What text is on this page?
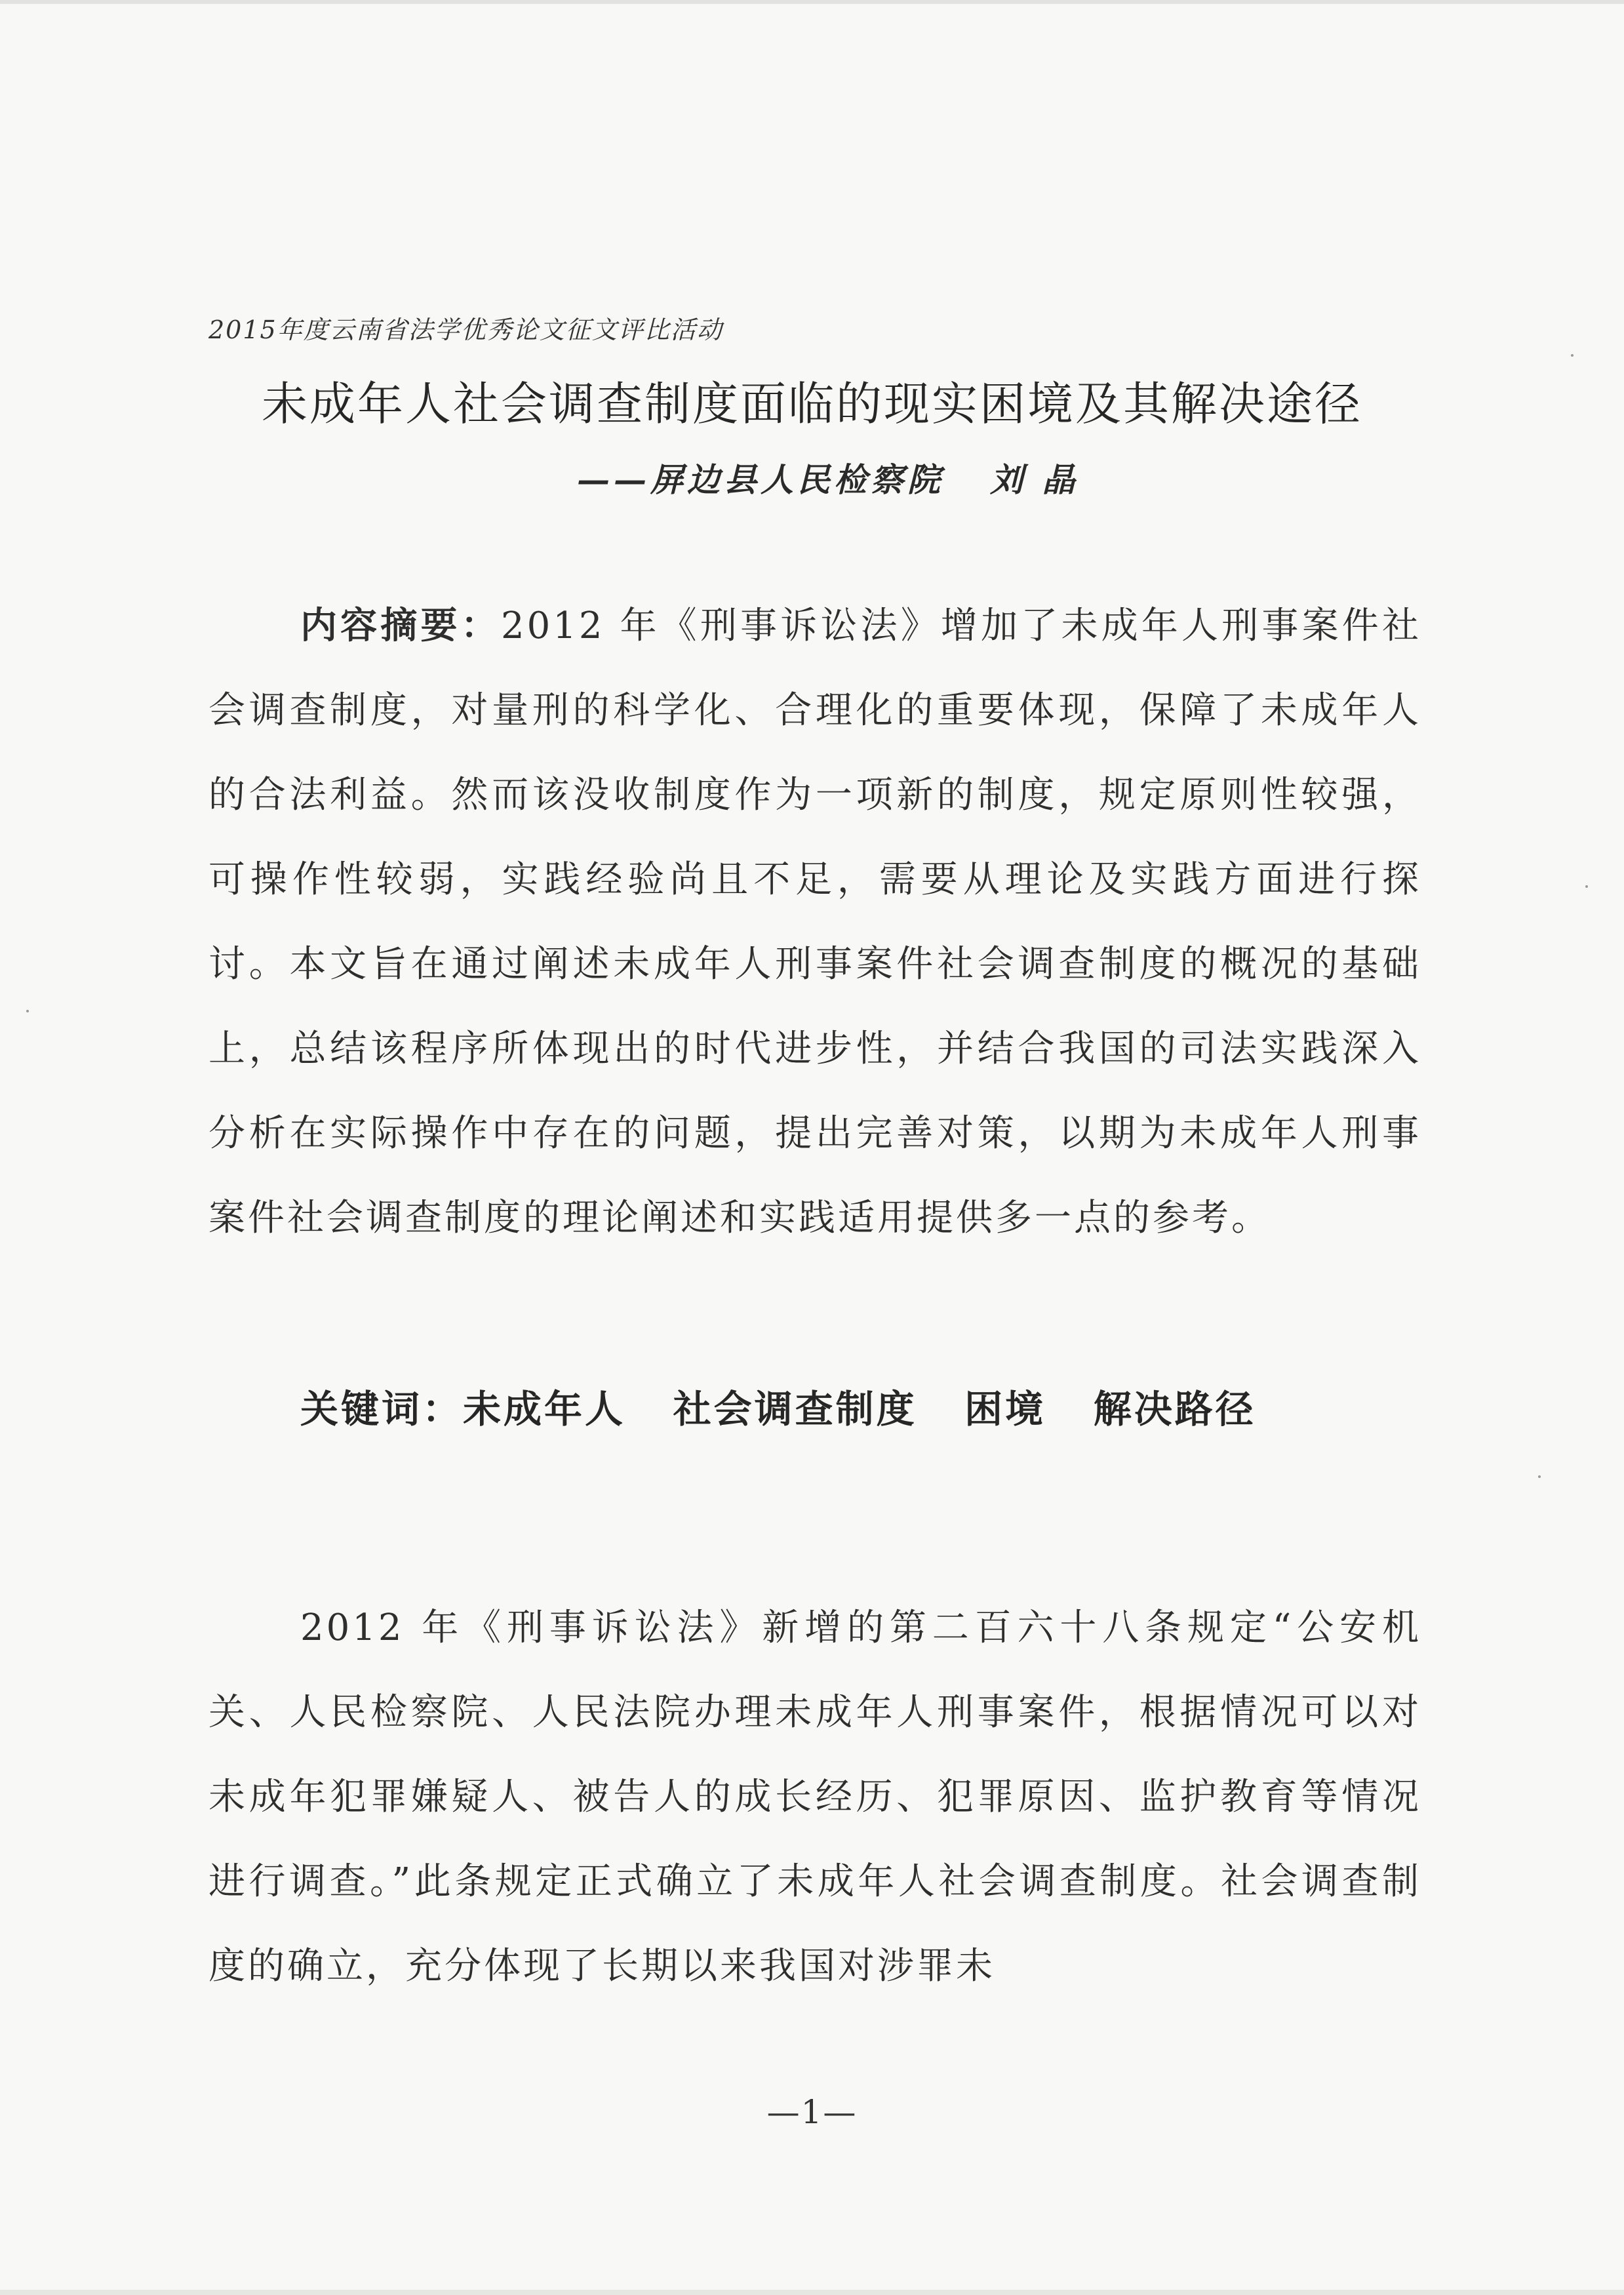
2015年度云南省法学优秀论文征文评比活动
未成年人社会调查制度面临的现实困境及其解决途径
——屏边县人民检察院   刘 晶
内容摘要：2012 年《刑事诉讼法》增加了未成年人刑事案件社会调查制度，对量刑的科学化、合理化的重要体现，保障了未成年人的合法利益。然而该没收制度作为一项新的制度，规定原则性较强，可操作性较弱，实践经验尚且不足，需要从理论及实践方面进行探讨。本文旨在通过阐述未成年人刑事案件社会调查制度的概况的基础上，总结该程序所体现出的时代进步性，并结合我国的司法实践深入分析在实际操作中存在的问题，提出完善对策，以期为未成年人刑事案件社会调查制度的理论阐述和实践适用提供多一点的参考。
关键词：未成年人   社会调查制度   困境   解决路径
2012 年《刑事诉讼法》新增的第二百六十八条规定“公安机关、人民检察院、人民法院办理未成年人刑事案件，根据情况可以对未成年犯罪嫌疑人、被告人的成长经历、犯罪原因、监护教育等情况进行调查。”此条规定正式确立了未成年人社会调查制度。社会调查制度的确立，充分体现了长期以来我国对涉罪未
—1—
